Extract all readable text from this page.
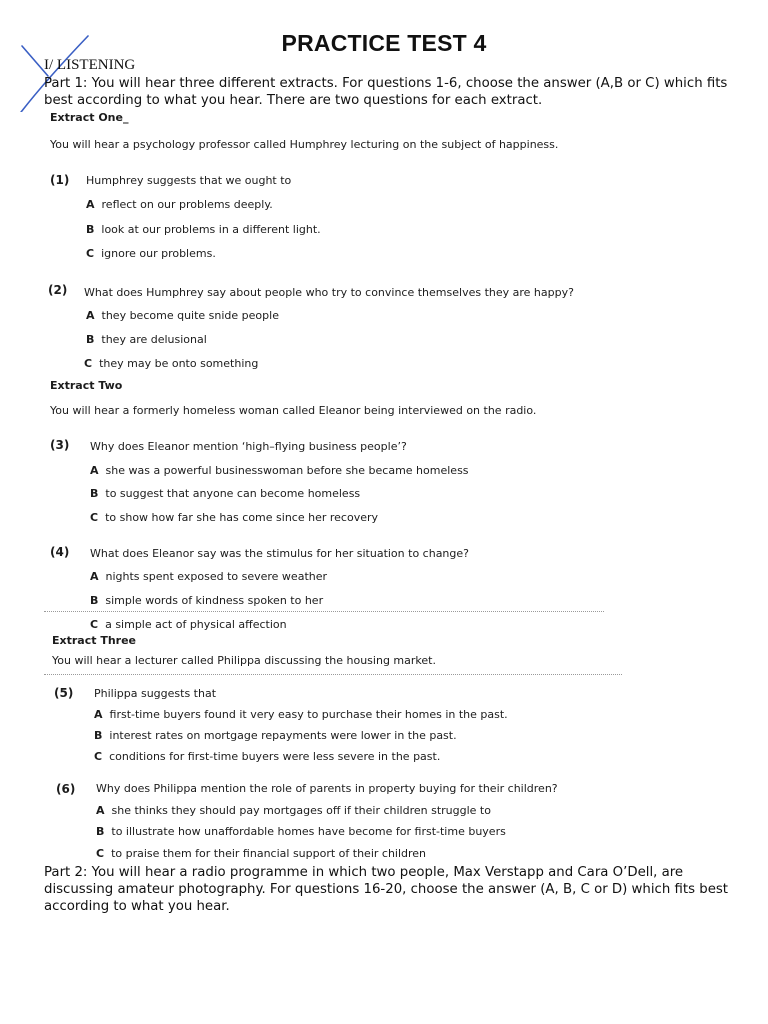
PRACTICE TEST 4
I/ LISTENING
Part 1: You will hear three different extracts. For questions 1-6, choose the answer (A,B or C) which fits best according to what you hear. There are two questions for each extract.
Extract One_
You will hear a psychology professor called Humphrey lecturing on the subject of happiness.
(1) Humphrey suggests that we ought to
A reflect on our problems deeply.
B look at our problems in a different light.
C ignore our problems.
(2) What does Humphrey say about people who try to convince themselves they are happy?
A they become quite snide people
B they are delusional
C they may be onto something
Extract Two
You will hear a formerly homeless woman called Eleanor being interviewed on the radio.
(3) Why does Eleanor mention ‘high–flying business people’?
A she was a powerful businesswoman before she became homeless
B to suggest that anyone can become homeless
C to show how far she has come since her recovery
(4) What does Eleanor say was the stimulus for her situation to change?
A nights spent exposed to severe weather
B simple words of kindness spoken to her
C a simple act of physical affection
Extract Three
You will hear a lecturer called Philippa discussing the housing market.
(5) Philippa suggests that
A first-time buyers found it very easy to purchase their homes in the past.
B interest rates on mortgage repayments were lower in the past.
C conditions for first-time buyers were less severe in the past.
(6) Why does Philippa mention the role of parents in property buying for their children?
A she thinks they should pay mortgages off if their children struggle to
B to illustrate how unaffordable homes have become for first-time buyers
C to praise them for their financial support of their children
Part 2: You will hear a radio programme in which two people, Max Verstapp and Cara O’Dell, are discussing amateur photography. For questions 16-20, choose the answer (A, B, C or D) which fits best according to what you hear.
